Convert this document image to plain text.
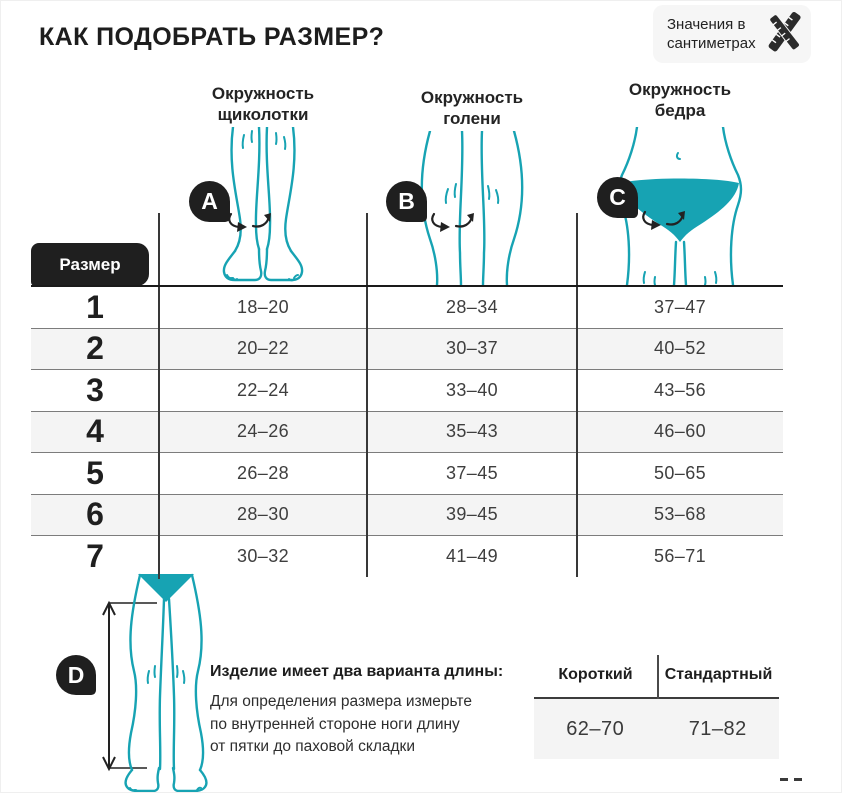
КАК ПОДОБРАТЬ РАЗМЕР?	Значения в
сантиметрах
Окружность
щиколотки
Окружность
голени
Окружность
бедра
A	B	C
Размер
1	18–20	28–34	37–47
2	20–22	30–37	40–52
3	22–24	33–40	43–56
4	24–26	35–43	46–60
5	26–28	37–45	50–65
6	28–30	39–45	53–68
7	30–32	41–49	56–71
D	Изделие имеет два варианта длины:
Для определения размера измерьте
по внутренней стороне ноги длину
от пятки до паховой складки
Короткий	Стандартный
62–70	71–82
